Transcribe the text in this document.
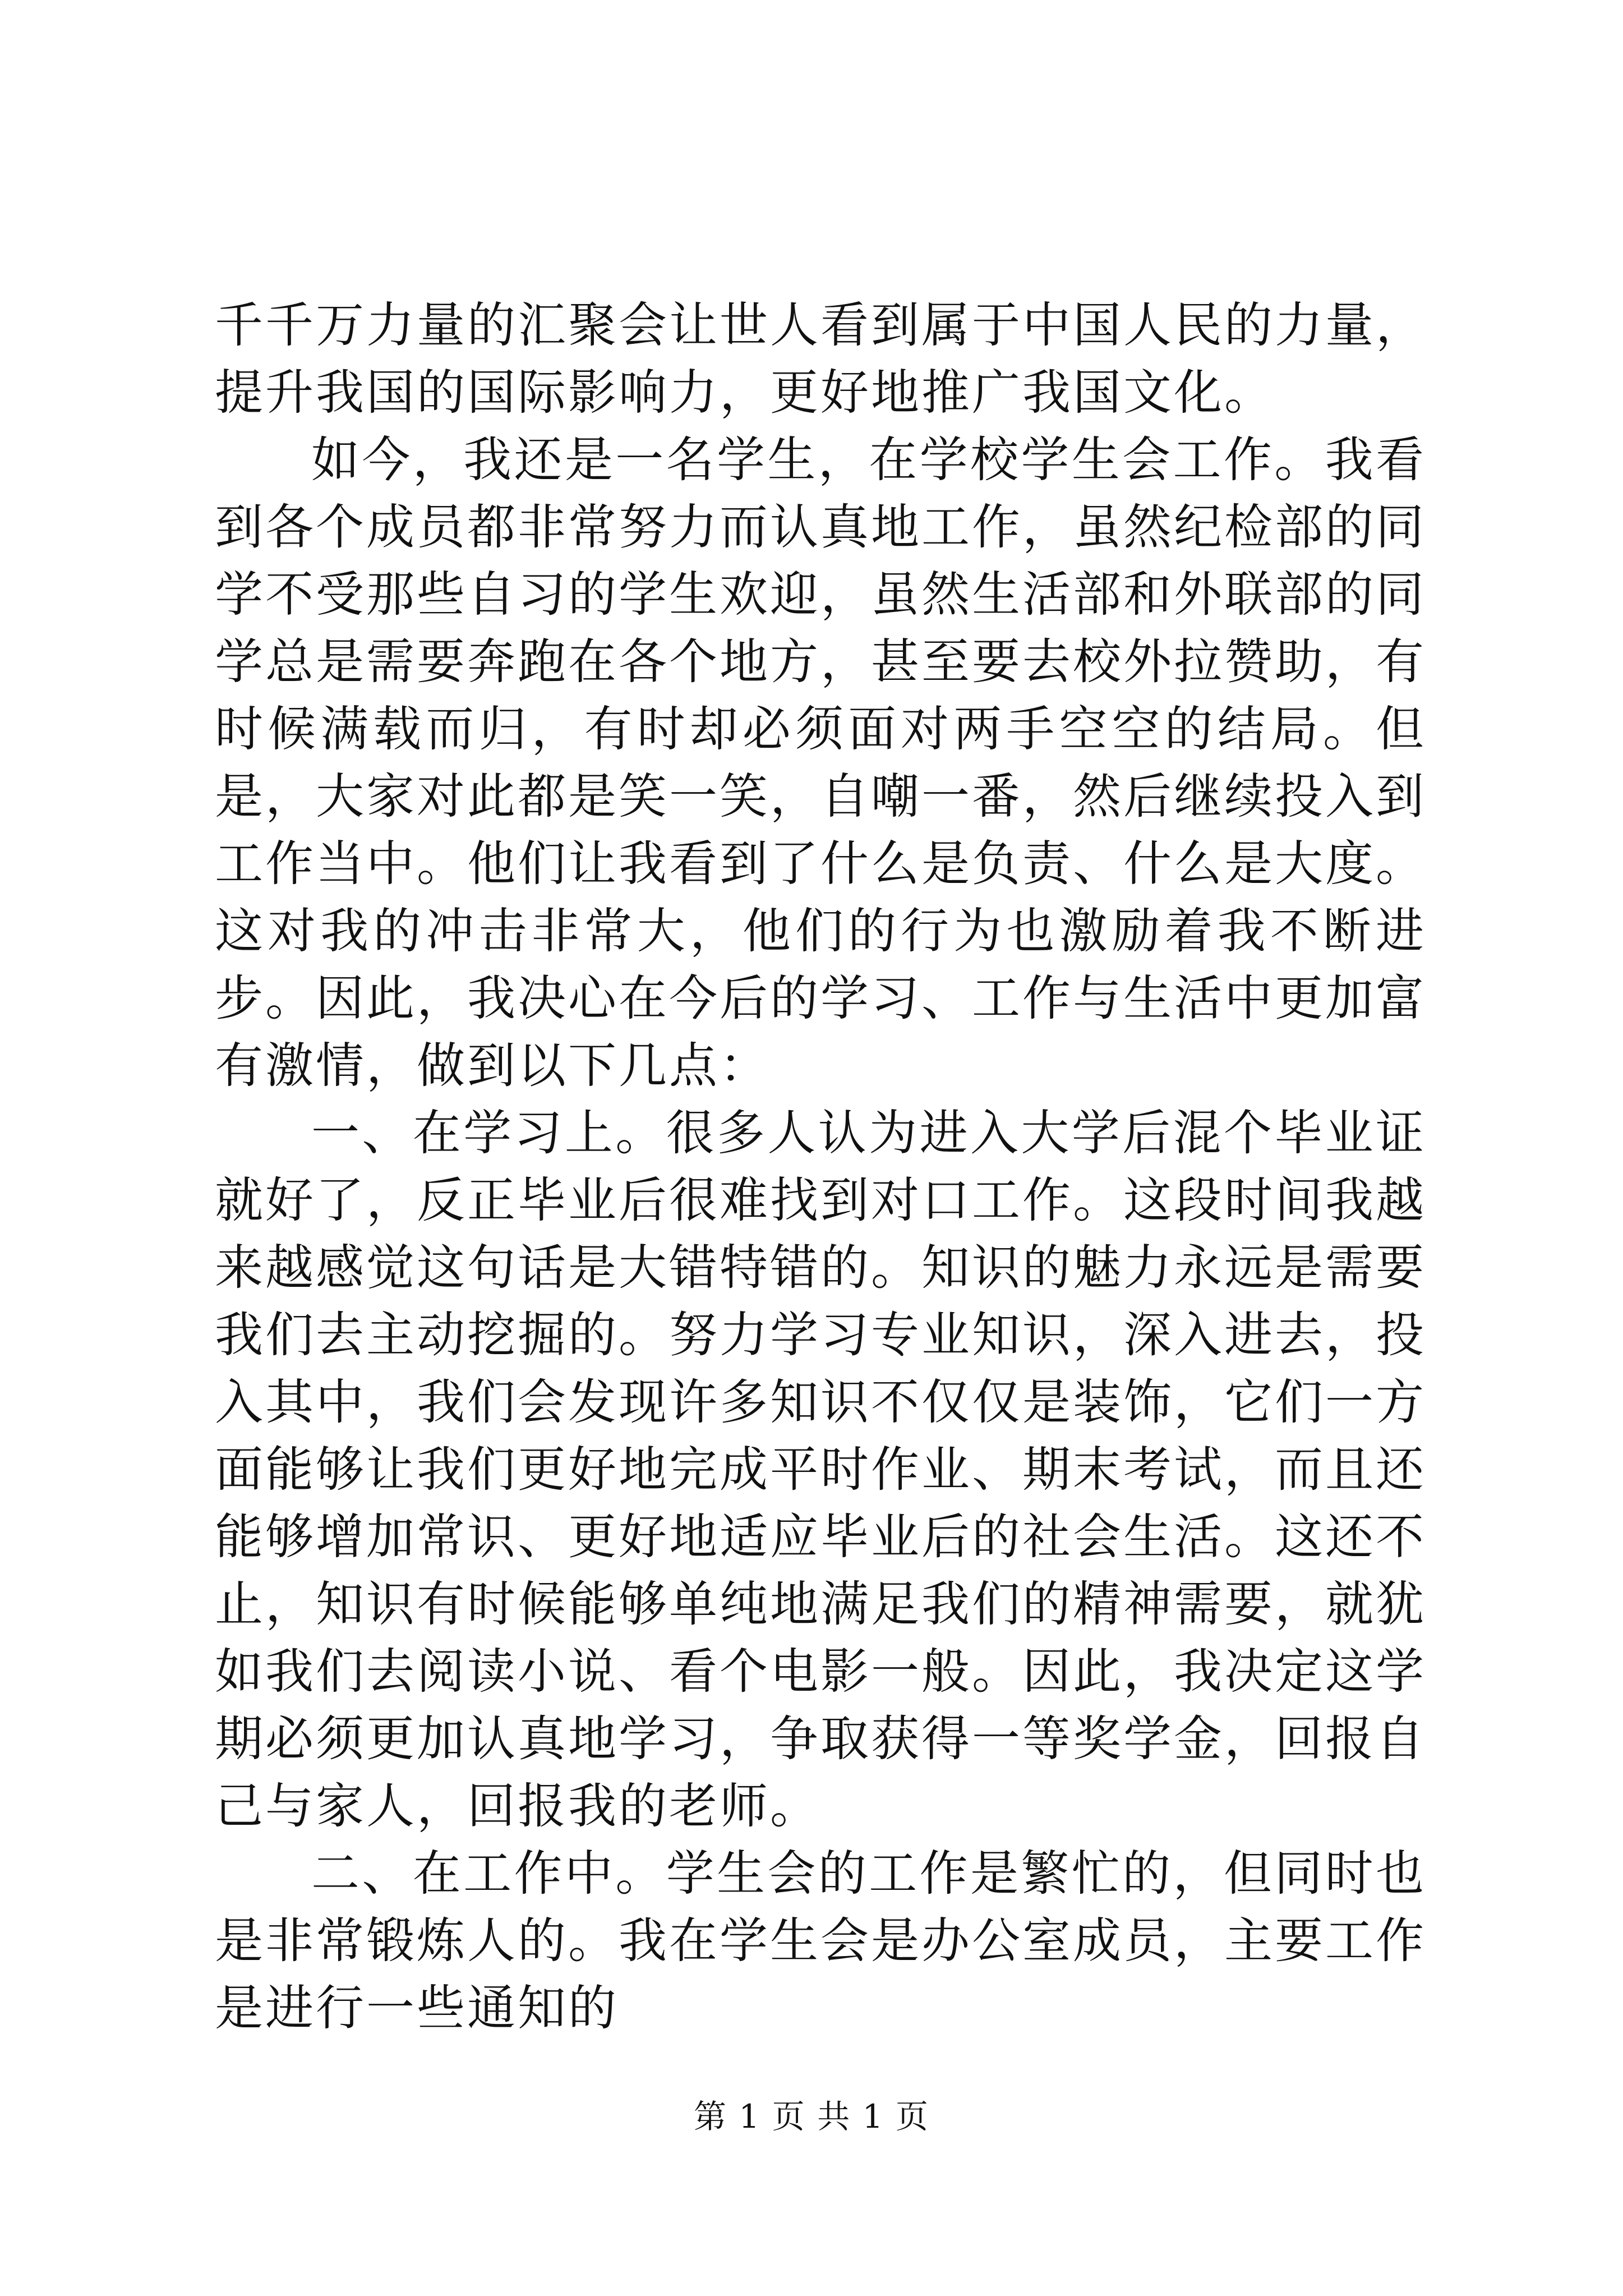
千千万力量的汇聚会让世人看到属于中国人民的力量，提升我国的国际影响力，更好地推广我国文化。

如今，我还是一名学生，在学校学生会工作。我看到各个成员都非常努力而认真地工作，虽然纪检部的同学不受那些自习的学生欢迎，虽然生活部和外联部的同学总是需要奔跑在各个地方，甚至要去校外拉赞助，有时候满载而归，有时却必须面对两手空空的结局。但是，大家对此都是笑一笑，自嘲一番，然后继续投入到工作当中。他们让我看到了什么是负责、什么是大度。这对我的冲击非常大，他们的行为也激励着我不断进步。因此，我决心在今后的学习、工作与生活中更加富有激情，做到以下几点：

一、在学习上。很多人认为进入大学后混个毕业证就好了，反正毕业后很难找到对口工作。这段时间我越来越感觉这句话是大错特错的。知识的魅力永远是需要我们去主动挖掘的。努力学习专业知识，深入进去，投入其中，我们会发现许多知识不仅仅是装饰，它们一方面能够让我们更好地完成平时作业、期末考试，而且还能够增加常识、更好地适应毕业后的社会生活。这还不止，知识有时候能够单纯地满足我们的精神需要，就犹如我们去阅读小说、看个电影一般。因此，我决定这学期必须更加认真地学习，争取获得一等奖学金，回报自己与家人，回报我的老师。

二、在工作中。学生会的工作是繁忙的，但同时也是非常锻炼人的。我在学生会是办公室成员，主要工作是进行一些通知的

第 1 页 共 1 页
